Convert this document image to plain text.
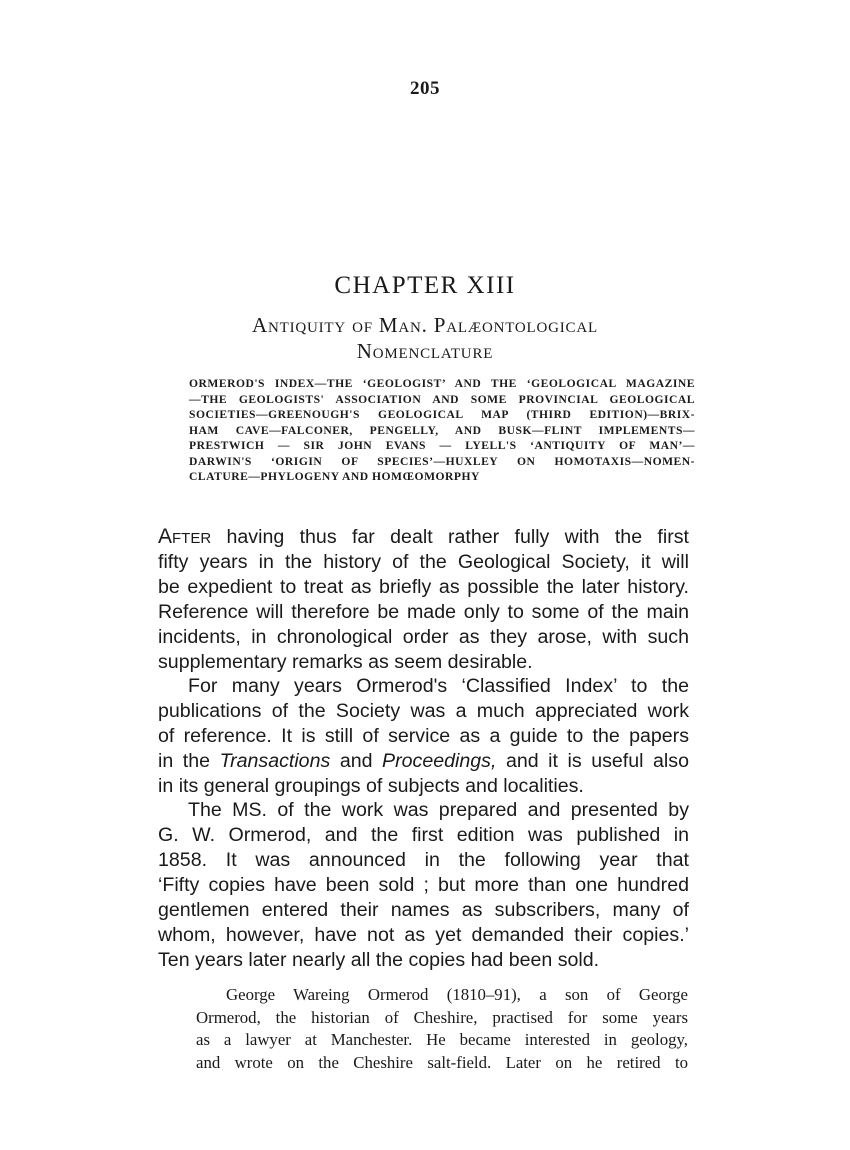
205
CHAPTER XIII
Antiquity of Man. Palæontological
Nomenclature
ORMEROD'S INDEX—THE ‘GEOLOGIST’ AND THE ‘GEOLOGICAL MAGAZINE
—THE GEOLOGISTS' ASSOCIATION AND SOME PROVINCIAL GEOLOGICAL
SOCIETIES—GREENOUGH'S GEOLOGICAL MAP (THIRD EDITION)—BRIX-
HAM CAVE—FALCONER, PENGELLY, AND BUSK—FLINT IMPLEMENTS—
PRESTWICH — SIR JOHN EVANS — LYELL'S ‘ANTIQUITY OF MAN’—
DARWIN'S ‘ORIGIN OF SPECIES’—HUXLEY ON HOMOTAXIS—NOMEN-
CLATURE—PHYLOGENY AND HOMŒOMORPHY
After having thus far dealt rather fully with the first
fifty years in the history of the Geological Society, it will
be expedient to treat as briefly as possible the later history.
Reference will therefore be made only to some of the main
incidents, in chronological order as they arose, with such
supplementary remarks as seem desirable.
For many years Ormerod's ‘Classified Index’ to the
publications of the Society was a much appreciated work
of reference. It is still of service as a guide to the papers
in the Transactions and Proceedings, and it is useful also
in its general groupings of subjects and localities.
The MS. of the work was prepared and presented by
G. W. Ormerod, and the first edition was published in
1858. It was announced in the following year that
‘Fifty copies have been sold ; but more than one hundred
gentlemen entered their names as subscribers, many of
whom, however, have not as yet demanded their copies.’
Ten years later nearly all the copies had been sold.
George Wareing Ormerod (1810–91), a son of George
Ormerod, the historian of Cheshire, practised for some years
as a lawyer at Manchester. He became interested in geology,
and wrote on the Cheshire salt-field. Later on he retired to
